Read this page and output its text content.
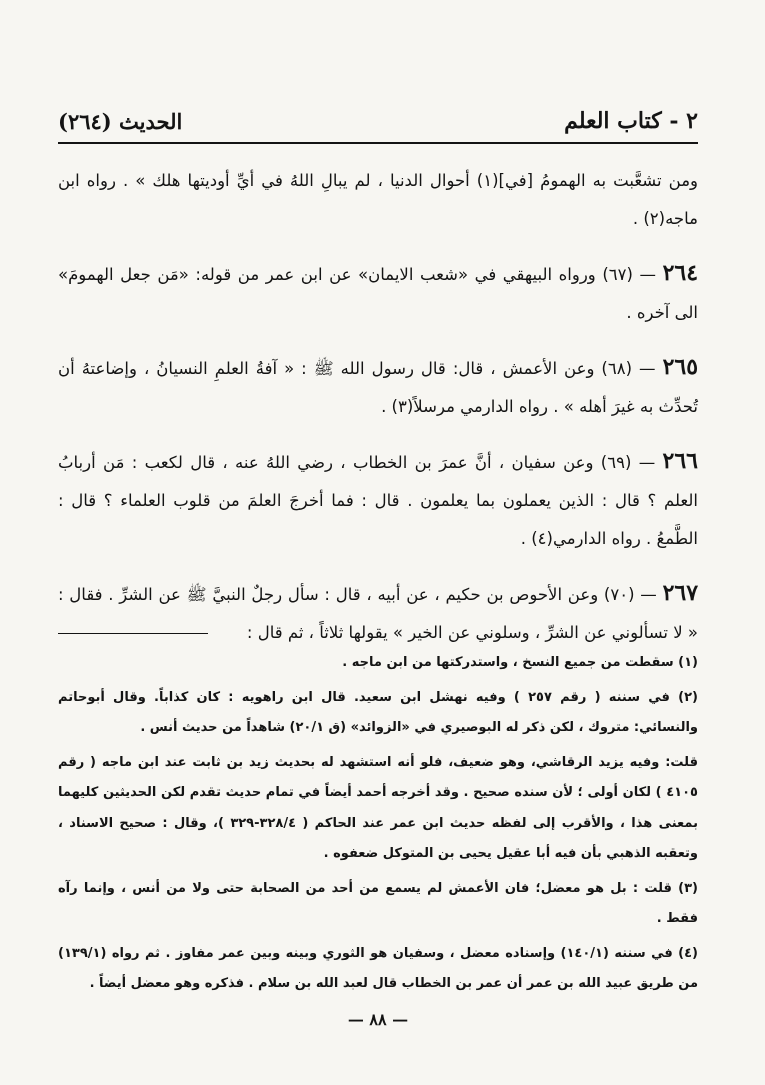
٢ - كتاب العلم
الحديث (٢٦٤)

ومن تشعَّبت به الهمومُ [في](١) أحوال الدنيا ، لم يبالِ اللهُ في أيِّ أوديتها هلك » . رواه ابن ماجه(٢) .

٢٦٤ — (٦٧) ورواه البيهقي في «شعب الايمان» عن ابن عمر من قوله: «مَن جعل الهمومَ» الى آخره .

٢٦٥ — (٦٨) وعن الأعمش ، قال: قال رسول الله ﷺ : « آفةُ العلمِ النسيانُ ، وإضاعتهُ أن تُحدِّث به غيرَ أهله » . رواه الدارمي مرسلاً(٣) .

٢٦٦ — (٦٩) وعن سفيان ، أنَّ عمرَ بن الخطاب ، رضي اللهُ عنه ، قال لكعب : مَن أربابُ العلم ؟ قال : الذين يعملون بما يعلمون . قال : فما أخرجَ العلمَ من قلوب العلماء ؟ قال : الطَّمعُ . رواه الدارمي(٤) .

٢٦٧ — (٧٠) وعن الأحوص بن حكيم ، عن أبيه ، قال : سأل رجلٌ النبيَّ ﷺ عن الشرِّ . فقال : « لا تسألوني عن الشرِّ ، وسلوني عن الخير » يقولها ثلاثاً ، ثم قال :

(١) سقطت من جميع النسخ ، واستدركتها من ابن ماجه .

(٢) في سننه ( رقم ٢٥٧ ) وفيه نهشل ابن سعيد. قال ابن راهويه : كان كذاباً. وقال أبوحاتم والنسائي: متروك ، لكن ذكر له البوصيري في «الزوائد» (ق ٢٠/١) شاهداً من حديث أنس .

قلت: وفيه يزيد الرقاشي، وهو ضعيف، فلو أنه استشهد له بحديث زيد بن ثابت عند ابن ماجه ( رقم ٤١٠٥ ) لكان أولى ؛ لأن سنده صحيح . وقد أخرجه أحمد أيضاً في تمام حديث تقدم لكن الحديثين كليهما بمعنى هذا ، والأقرب إلى لفظه حديث ابن عمر عند الحاكم ( ٣٢٨/٤-٣٢٩ )، وقال : صحيح الاسناد ، وتعقبه الذهبي بأن فيه أبا عقيل يحيى بن المتوكل ضعفوه .

(٣) قلت : بل هو معضل؛ فان الأعمش لم يسمع من أحد من الصحابة حتى ولا من أنس ، وإنما رآه فقط .

(٤) في سننه (١٤٠/١) وإسناده معضل ، وسفيان هو الثوري وبينه وبين عمر مفاوز . ثم رواه (١٣٩/١) من طريق عبيد الله بن عمر أن عمر بن الخطاب قال لعبد الله بن سلام . فذكره وهو معضل أيضاً .

— ٨٨ —
